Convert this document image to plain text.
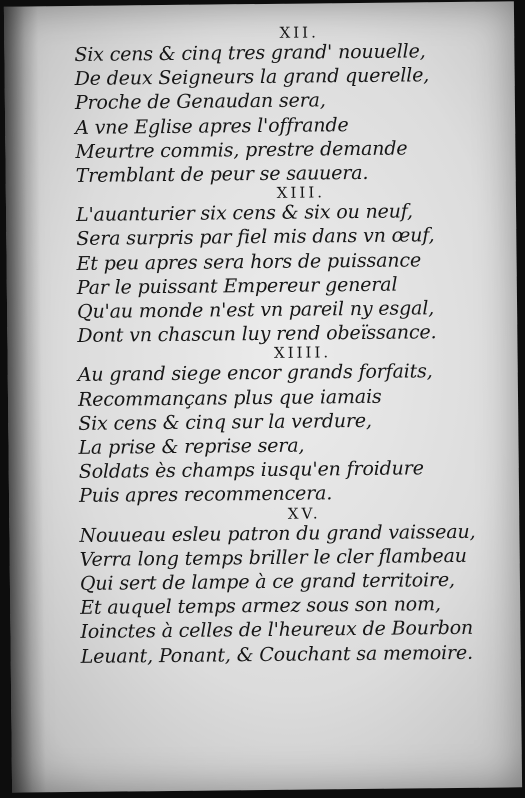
XII.
Six cens & cinq tres grand' nouuelle,
De deux Seigneurs la grand querelle,
Proche de Genaudan sera,
A vne Eglise apres l'offrande
Meurtre commis, prestre demande
Tremblant de peur se sauuera.
XIII.
L'auanturier six cens & six ou neuf,
Sera surpris par fiel mis dans vn œuf,
Et peu apres sera hors de puissance
Par le puissant Empereur general
Qu'au monde n'est vn pareil ny esgal,
Dont vn chascun luy rend obeïssance.
XIIII.
Au grand siege encor grands forfaits,
Recommançans plus que iamais
Six cens & cinq sur la verdure,
La prise & reprise sera,
Soldats ès champs iusqu'en froidure
Puis apres recommencera.
XV.
Nouueau esleu patron du grand vaisseau,
Verra long temps briller le cler flambeau
Qui sert de lampe à ce grand territoire,
Et auquel temps armez sous son nom,
Ioinctes à celles de l'heureux de Bourbon
Leuant, Ponant, & Couchant sa memoire.
